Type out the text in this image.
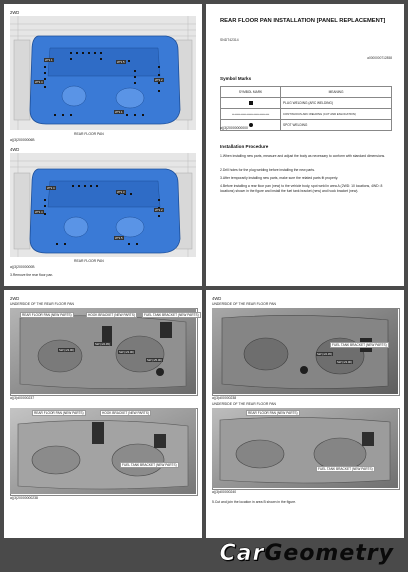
2WD
W*1 1	W*1 5
W*1 4	W*1 2
W*1 1
REAR FLOOR PAN
a)(3)20000006B
4WD
W*1 4
W*1 3
W*1 4	W*1 2
W*1 5
REAR FLOOR PAN
a)(3)20000000B
3.Remove the rear floor pan.
REAR FLOOR PAN INSTALLATION [PANEL REPLACEMENT]
SNDT42314
a0000000712858
Symbol Marks
SYMBOL MARK	MEANING
	PLUG WELDING (ARC WELDING)
+++++++++++++++++++++++++++++++	CONTINUOUS ARC WELDING (CUT AND ENLOCATION)
	SPOT WELDING
a)(3)20000000000
Installation Procedure
1.When installing new parts, measure and adjust the body as necessary to conform with standard dimensions.
2.Drill holes for the plug welding before installing the new parts.
3.After temporarily installing new parts, make sure the related parts fit properly.
4.Before installing a rear floor pan (new) to the vehicle body, spot weld in area A (2WD: 10 locations, 4WD: 8 locations) shown in the figure and install the fuel tank bracket (new) and hook bracket (new).
2WD
UNDERSIDE OF THE REAR FLOOR PAN
REAR FLOOR PAN (NEW PARTS)	HOOK BRACKET (NEW PARTS)	FUEL TANK BRACKET (NEW PARTS)
SW (1/3.00)
SW (1/2.45)
SW (1/3.00)
SW (1/5.00)
a)(3)d00000237
REAR FLOOR PAN (NEW PARTS)	HOOK BRACKET (NEW PARTS)
FUEL TANK BRACKET (NEW PARTS)
a)(3)20000000238
4WD
UNDERSIDE OF THE REAR FLOOR PAN
FUEL TANK BRACKET (NEW PARTS)
SW (1/2.45)
SW (1/3.00)
a)(3)d00000238
UNDERSIDE OF THE REAR FLOOR PAN
REAR FLOOR PAN (NEW PARTS)
FUEL TANK BRACKET (NEW PARTS)
a)(3)d00000240
5.Cut and join the location in area B shown in the figure.
CarGeometry
